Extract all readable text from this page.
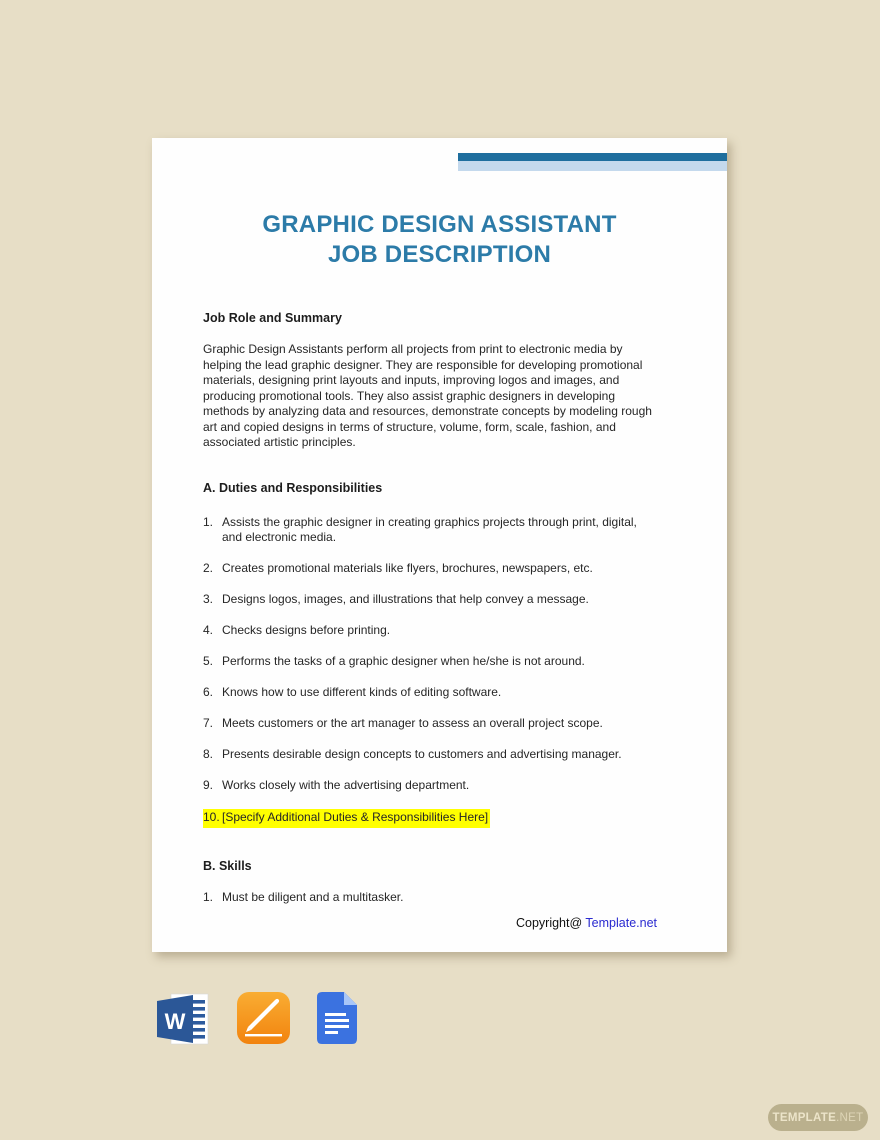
GRAPHIC DESIGN ASSISTANT
JOB DESCRIPTION
Job Role and Summary
Graphic Design Assistants perform all projects from print to electronic media by helping the lead graphic designer. They are responsible for developing promotional materials, designing print layouts and inputs, improving logos and images, and producing promotional tools. They also assist graphic designers in developing methods by analyzing data and resources, demonstrate concepts by modeling rough art and copied designs in terms of structure, volume, form, scale, fashion, and associated artistic principles.
A. Duties and Responsibilities
1. Assists the graphic designer in creating graphics projects through print, digital, and electronic media.
2. Creates promotional materials like flyers, brochures, newspapers, etc.
3. Designs logos, images, and illustrations that help convey a message.
4. Checks designs before printing.
5. Performs the tasks of a graphic designer when he/she is not around.
6. Knows how to use different kinds of editing software.
7. Meets customers or the art manager to assess an overall project scope.
8. Presents desirable design concepts to customers and advertising manager.
9. Works closely with the advertising department.
10. [Specify Additional Duties & Responsibilities Here]
B. Skills
1. Must be diligent and a multitasker.
Copyright@ Template.net
W
TEMPLATE .NET
